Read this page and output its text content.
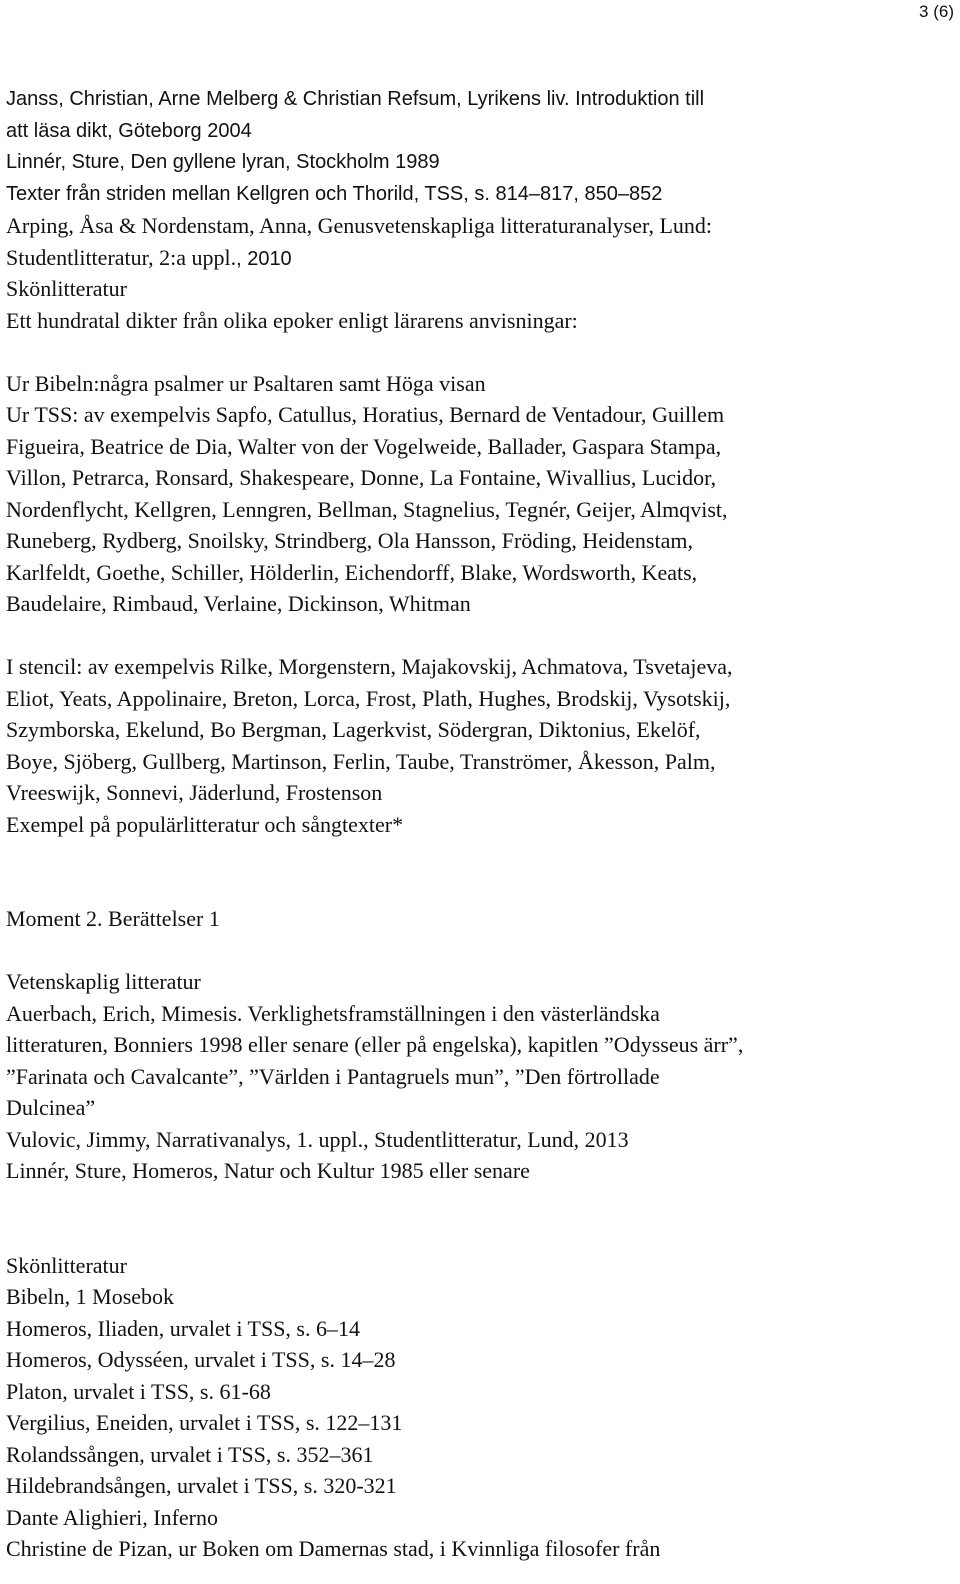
3 (6)
Janss, Christian, Arne Melberg & Christian Refsum, Lyrikens liv. Introduktion till
att läsa dikt, Göteborg 2004
Linnér, Sture, Den gyllene lyran, Stockholm 1989
Texter från striden mellan Kellgren och Thorild, TSS, s. 814–817, 850–852
Arping, Åsa & Nordenstam, Anna, Genusvetenskapliga litteraturanalyser, Lund:
Studentlitteratur, 2:a uppl., 2010
Skönlitteratur
Ett hundratal dikter från olika epoker enligt lärarens anvisningar:
Ur Bibeln:några psalmer ur Psaltaren samt Höga visan
Ur TSS: av exempelvis Sapfo, Catullus, Horatius, Bernard de Ventadour, Guillem
Figueira, Beatrice de Dia, Walter von der Vogelweide, Ballader, Gaspara Stampa,
Villon, Petrarca, Ronsard, Shakespeare, Donne, La Fontaine, Wivallius, Lucidor,
Nordenflycht, Kellgren, Lenngren, Bellman, Stagnelius, Tegnér, Geijer, Almqvist,
Runeberg, Rydberg, Snoilsky, Strindberg, Ola Hansson, Fröding, Heidenstam,
Karlfeldt, Goethe, Schiller, Hölderlin, Eichendorff, Blake, Wordsworth, Keats,
Baudelaire, Rimbaud, Verlaine, Dickinson, Whitman
I stencil: av exempelvis Rilke, Morgenstern, Majakovskij, Achmatova, Tsvetajeva,
Eliot, Yeats, Appolinaire, Breton, Lorca, Frost, Plath, Hughes, Brodskij, Vysotskij,
Szymborska, Ekelund, Bo Bergman, Lagerkvist, Södergran, Diktonius, Ekelöf,
Boye, Sjöberg, Gullberg, Martinson, Ferlin, Taube, Tranströmer, Åkesson, Palm,
Vreeswijk, Sonnevi, Jäderlund, Frostenson
Exempel på populärlitteratur och sångtexter*
Moment 2. Berättelser 1
Vetenskaplig litteratur
Auerbach, Erich, Mimesis. Verklighetsframställningen i den västerländska
litteraturen, Bonniers 1998 eller senare (eller på engelska), kapitlen ”Odysseus ärr”,
”Farinata och Cavalcante”, ”Världen i Pantagruels mun”, ”Den förtrollade
Dulcinea”
Vulovic, Jimmy, Narrativanalys, 1. uppl., Studentlitteratur, Lund, 2013
Linnér, Sture, Homeros, Natur och Kultur 1985 eller senare
Skönlitteratur
Bibeln, 1 Mosebok
Homeros, Iliaden, urvalet i TSS, s. 6–14
Homeros, Odysséen, urvalet i TSS, s. 14–28
Platon, urvalet i TSS, s. 61-68
Vergilius, Eneiden, urvalet i TSS, s. 122–131
Rolandssången, urvalet i TSS, s. 352–361
Hildebrandsången, urvalet i TSS, s. 320-321
Dante Alighieri, Inferno
Christine de Pizan, ur Boken om Damernas stad, i Kvinnliga filosofer från
